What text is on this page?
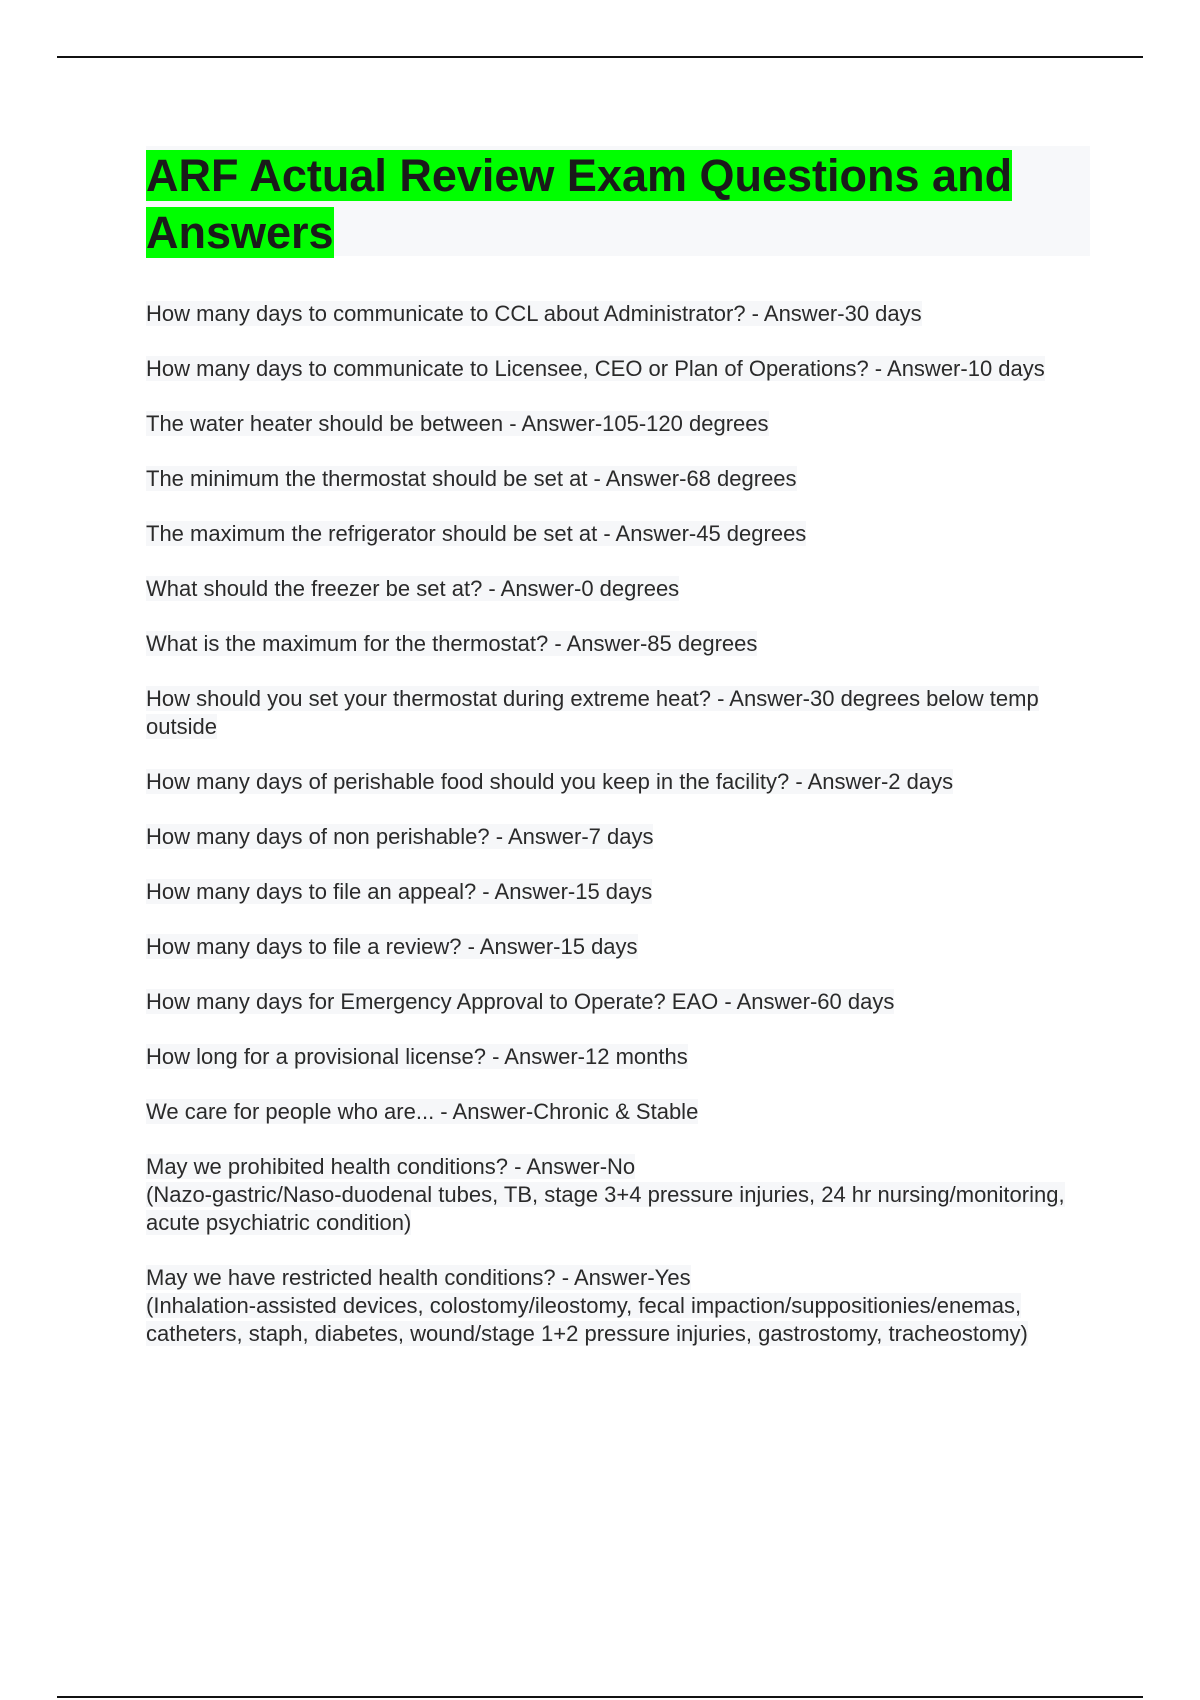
ARF Actual Review Exam Questions and Answers
How many days to communicate to CCL about Administrator? - Answer-30 days
How many days to communicate to Licensee, CEO or Plan of Operations? - Answer-10 days
The water heater should be between - Answer-105-120 degrees
The minimum the thermostat should be set at - Answer-68 degrees
The maximum the refrigerator should be set at - Answer-45 degrees
What should the freezer be set at? - Answer-0 degrees
What is the maximum for the thermostat? - Answer-85 degrees
How should you set your thermostat during extreme heat? - Answer-30 degrees below temp outside
How many days of perishable food should you keep in the facility? - Answer-2 days
How many days of non perishable? - Answer-7 days
How many days to file an appeal? - Answer-15 days
How many days to file a review? - Answer-15 days
How many days for Emergency Approval to Operate? EAO - Answer-60 days
How long for a provisional license? - Answer-12 months
We care for people who are... - Answer-Chronic & Stable
May we prohibited health conditions? - Answer-No
(Nazo-gastric/Naso-duodenal tubes, TB, stage 3+4 pressure injuries, 24 hr nursing/monitoring, acute psychiatric condition)
May we have restricted health conditions? - Answer-Yes
(Inhalation-assisted devices, colostomy/ileostomy, fecal impaction/suppositionies/enemas, catheters, staph, diabetes, wound/stage 1+2 pressure injuries, gastrostomy, tracheostomy)
